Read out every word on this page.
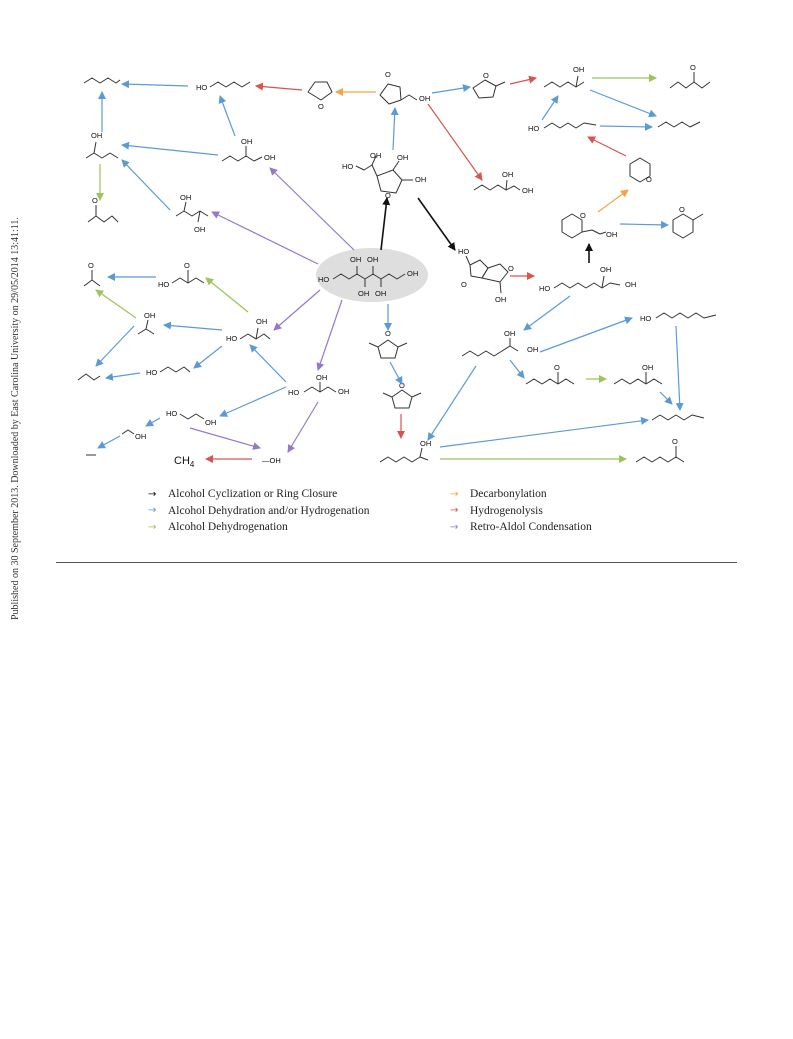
Published on 30 September 2013. Downloaded by East Carolina University on 29/05/2014 13:41:11.	HO
OH
OH OH
OH OH
HO
OH OH
OH
O
OH
O
O
O
HO
OH
O
OH
OH
OH
OH
O
HO
O
OH
HO
OH
HO
HO
OH
OH
HO
OH
OH
$CH_4$	—OH
O
O
HO
OH
O
O
HO
OH
OH
OH
OH
OH	O
HO
O
O
OH
O
OH
OH
HO
O	OH
OH	O
→	Alcohol Cyclization or Ring Closure
→	Alcohol Dehydration and/or Hydrogenation
→	Alcohol Dehydrogenation
→	Decarbonylation
→	Hydrogenolysis
→	Retro-Aldol Condensation
